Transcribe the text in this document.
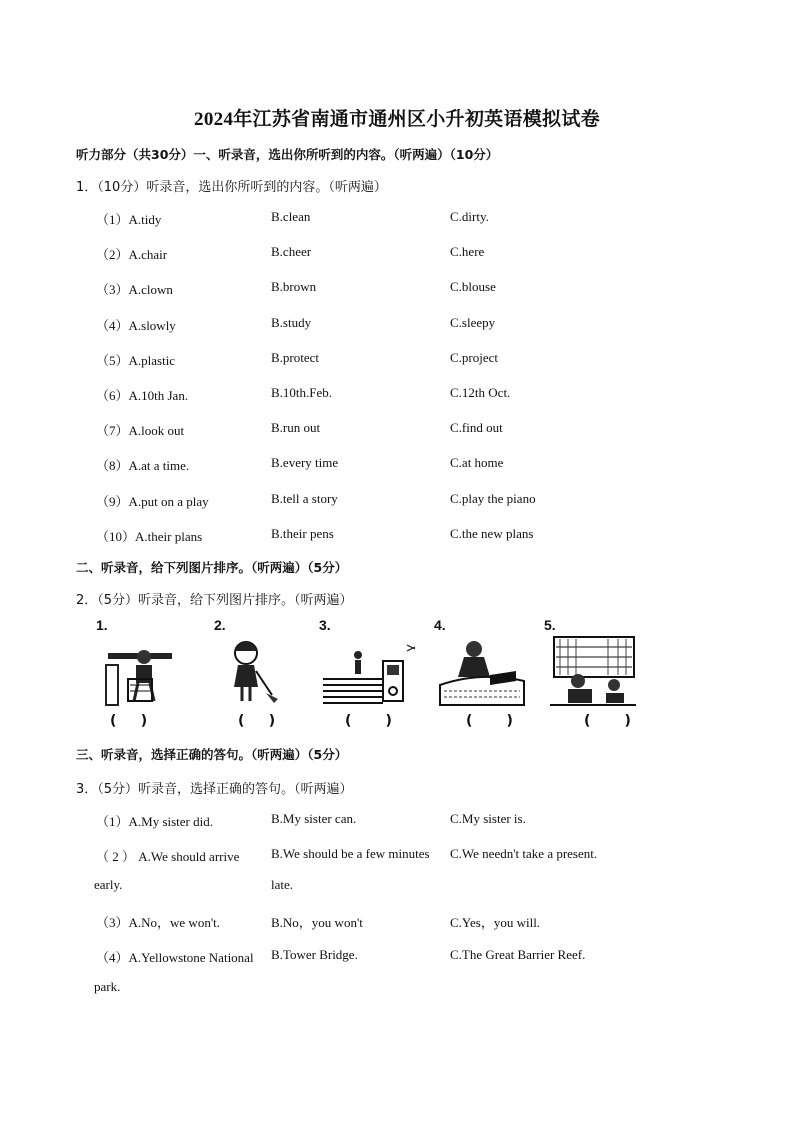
2024年江苏省南通市通州区小升初英语模拟试卷
听力部分（共30分）一、听录音，选出你所听到的内容。（听两遍）（10分）
1．（10分）听录音，选出你所听到的内容。（听两遍）
（1）A.tidy	B.clean	C.dirty.
（2）A.chair	B.cheer	C.here
（3）A.clown	B.brown	C.blouse
（4）A.slowly	B.study	C.sleepy
（5）A.plastic	B.protect	C.project
（6）A.10th Jan.	B.10th.Feb.	C.12th Oct.
（7）A.look out	B.run out	C.find out
（8）A.at a time.	B.every time	C.at home
（9）A.put on a play	B.tell a story	C.play the piano
（10）A.their plans	B.their pens	C.the new plans
二、听录音，给下列图片排序。（听两遍）（5分）
2．（5分）听录音，给下列图片排序。（听两遍）
1.
(     )
2.
(     )
3.
(       )
4.
(       )
5.
(       )
三、听录音，选择正确的答句。（听两遍）（5分）
3．（5分）听录音，选择正确的答句。（听两遍）
（1）A.My sister did.	B.My sister can.	C.My sister is.
（ 2 ） A.We should arrive B.We should be a few minutes C.We needn't take a present.
early.	late.
（3）A.No，we won't.	B.No，you won't	C.Yes，you will.
（4）A.Yellowstone National B.Tower Bridge.	C.The Great Barrier Reef.
park.
